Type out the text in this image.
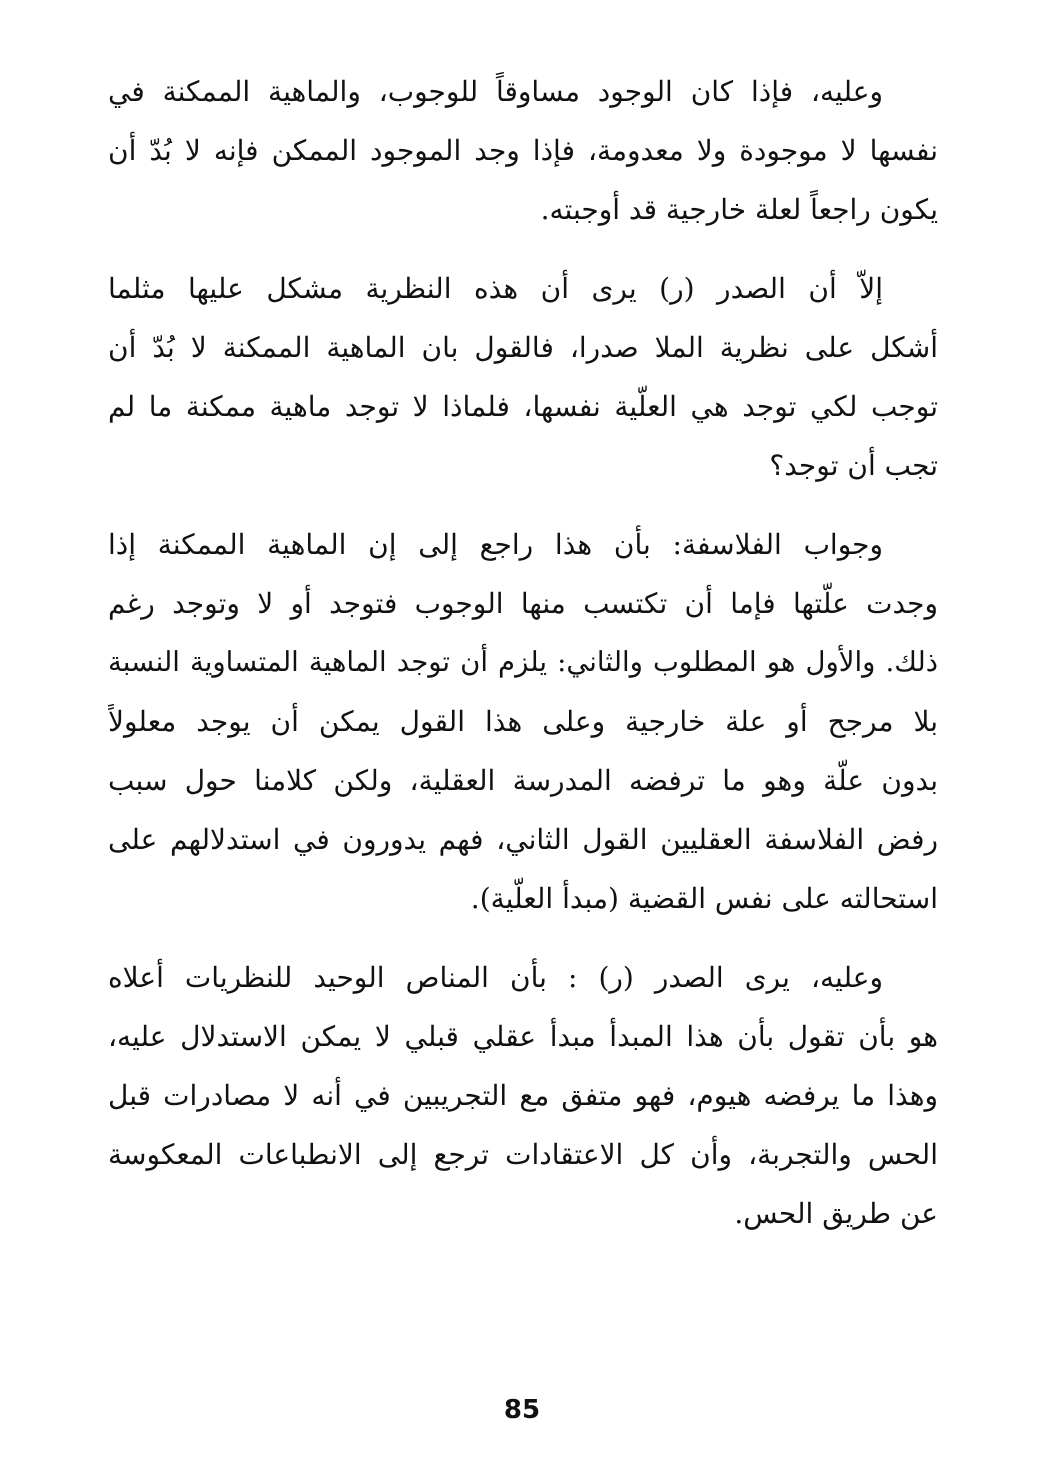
وعليه، فإذا كان الوجود مساوقاً للوجوب، والماهية الممكنة في
نفسها لا موجودة ولا معدومة، فإذا وجد الموجود الممكن فإنه لا بُدّ أن
يكون راجعاً لعلة خارجية قد أوجبته.

إلاّ أن الصدر (ر) يرى أن هذه النظرية مشكل عليها مثلما
أشكل على نظرية الملا صدرا، فالقول بان الماهية الممكنة لا بُدّ أن
توجب لكي توجد هي العلّية نفسها، فلماذا لا توجد ماهية ممكنة ما لم
تجب أن توجد؟

وجواب الفلاسفة: بأن هذا راجع إلى إن الماهية الممكنة إذا
وجدت علّتها فإما أن تكتسب منها الوجوب فتوجد أو لا وتوجد رغم
ذلك. والأول هو المطلوب والثاني: يلزم أن توجد الماهية المتساوية النسبة
بلا مرجح أو علة خارجية وعلى هذا القول يمكن أن يوجد معلولاً
بدون علّة وهو ما ترفضه المدرسة العقلية، ولكن كلامنا حول سبب
رفض الفلاسفة العقليين القول الثاني، فهم يدورون في استدلالهم على
استحالته على نفس القضية (مبدأ العلّية).

وعليه، يرى الصدر (ر) : بأن المناص الوحيد للنظريات أعلاه
هو بأن تقول بأن هذا المبدأ مبدأ عقلي قبلي لا يمكن الاستدلال عليه،
وهذا ما يرفضه هيوم، فهو متفق مع التجريبين في أنه لا مصادرات قبل
الحس والتجربة، وأن كل الاعتقادات ترجع إلى الانطباعات المعكوسة
عن طريق الحس.

85
